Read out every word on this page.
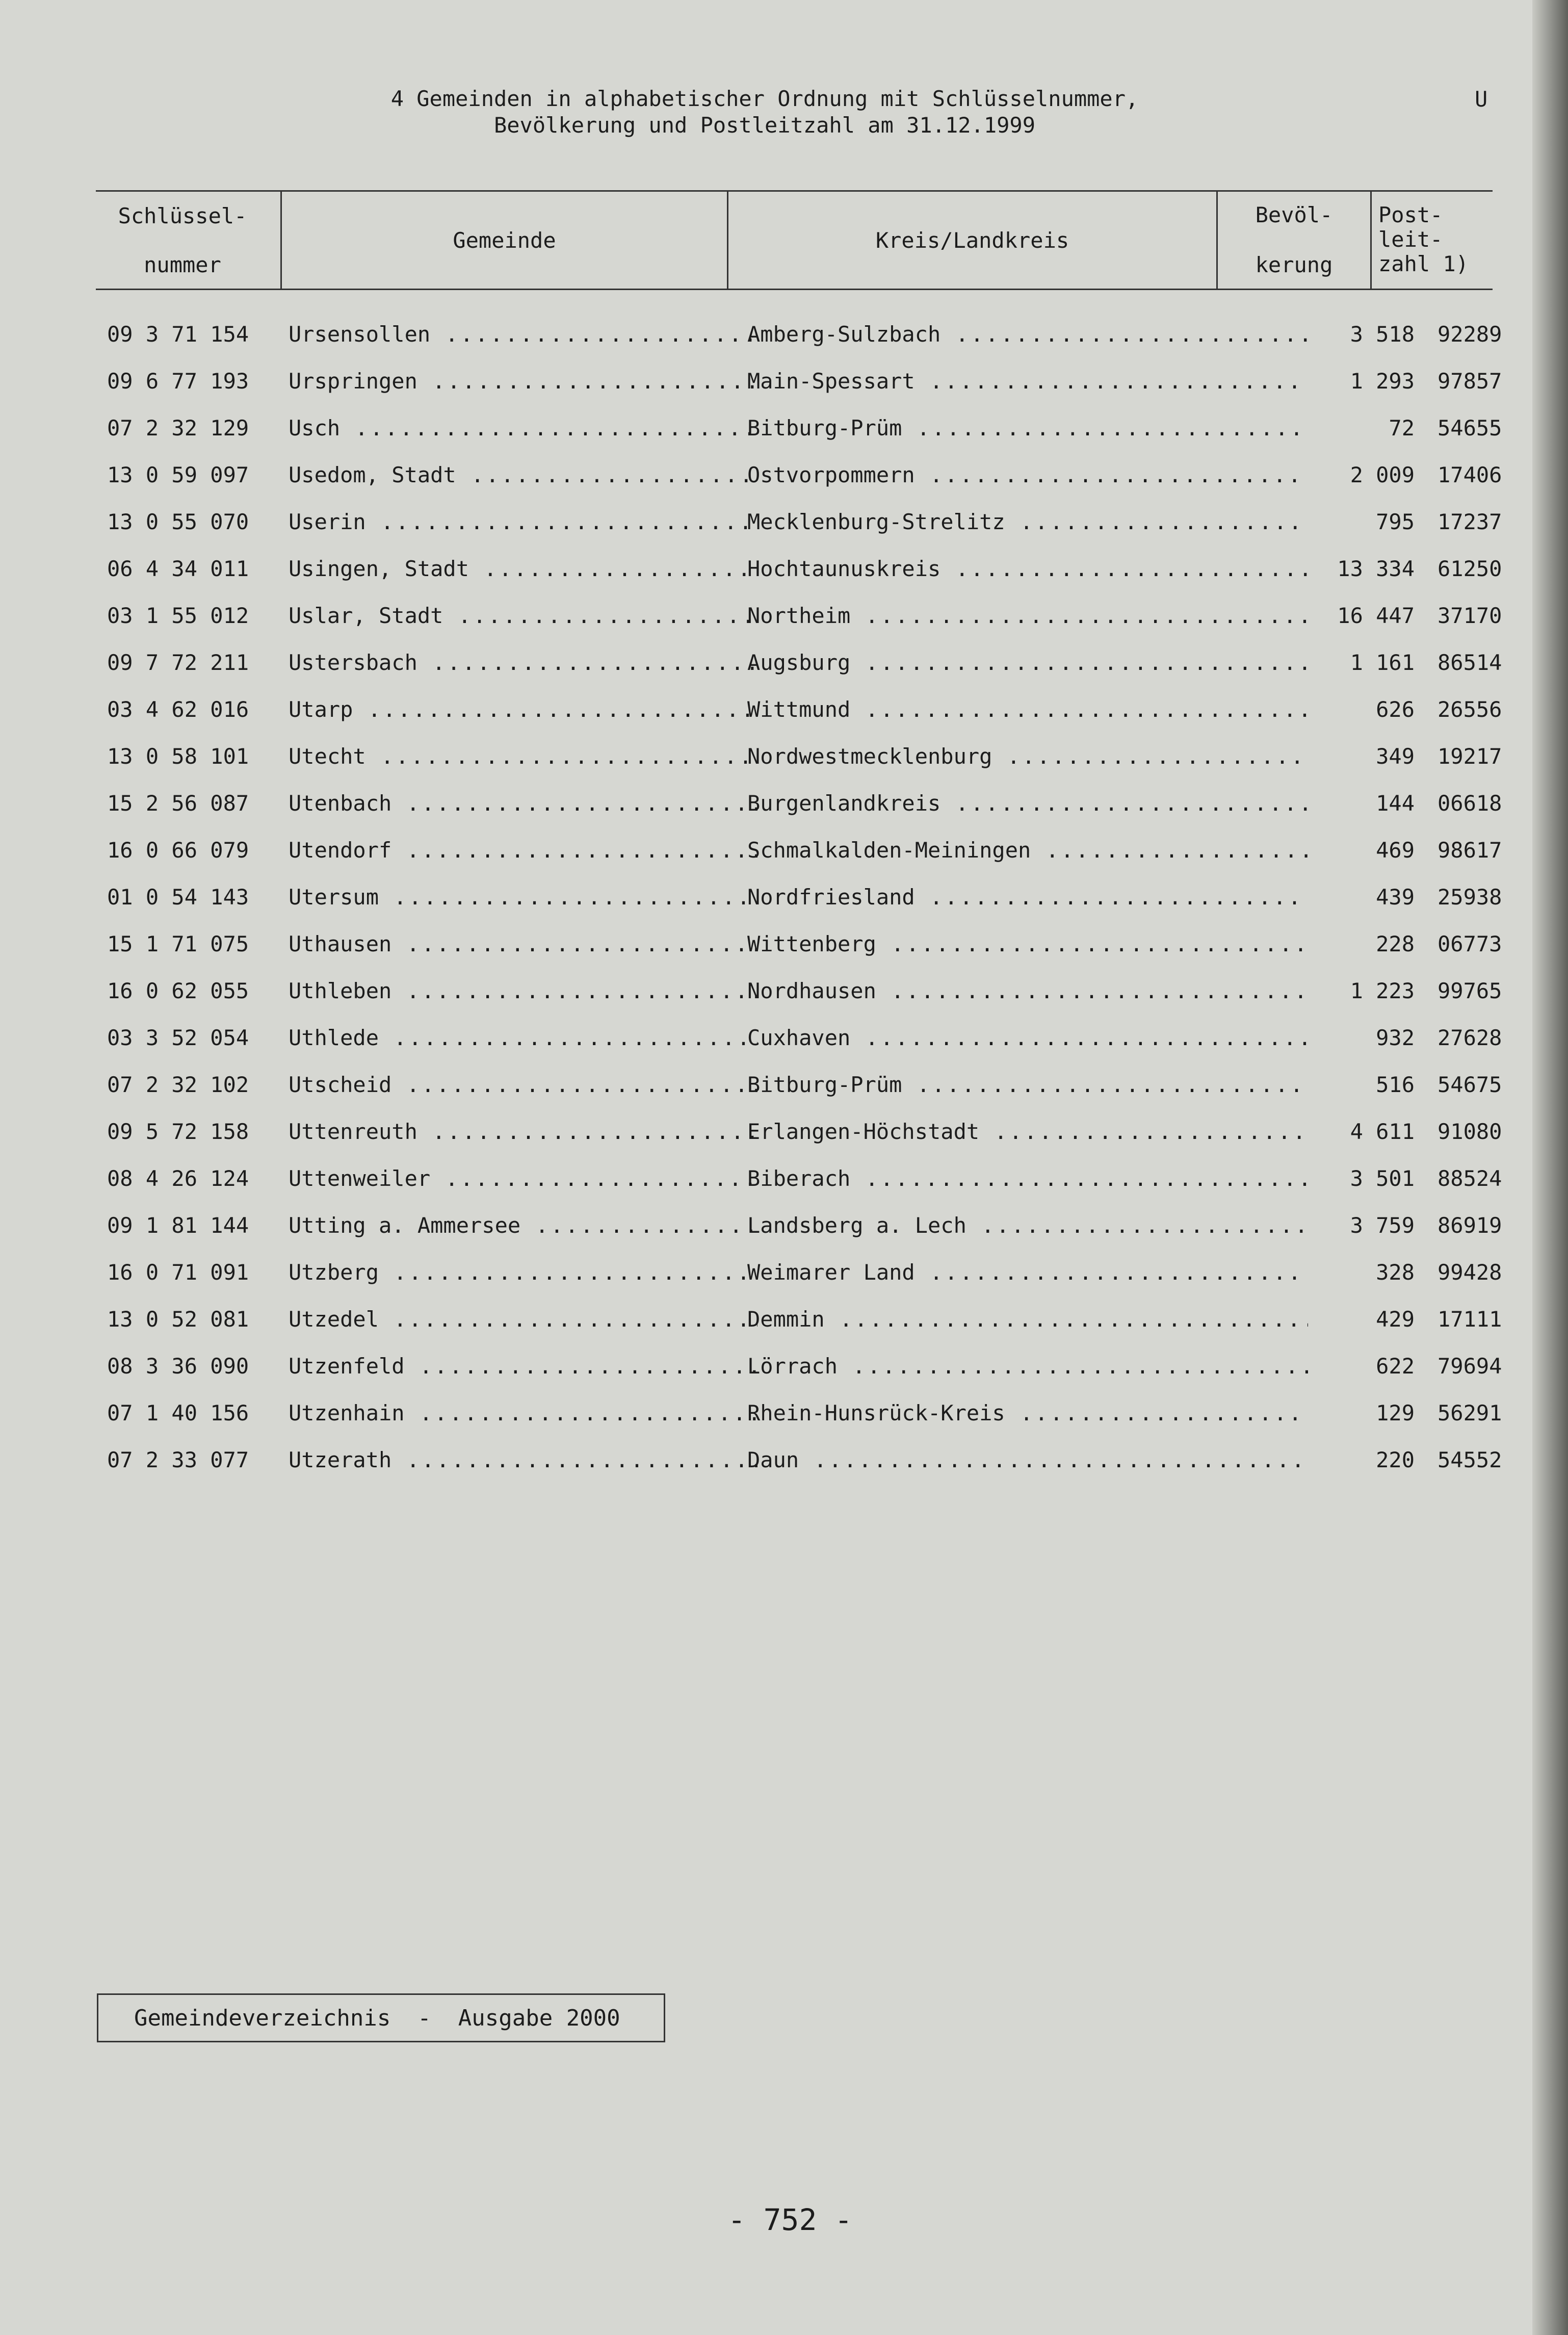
4 Gemeinden in alphabetischer Ordnung mit Schlüsselnummer,
Bevölkerung und Postleitzahl am 31.12.1999
U
Schlüssel-
nummer
Gemeinde	Kreis/Landkreis
Bevöl-
kerung
Post-
leit-
zahl 1)
09 3 71 154 Ursensollen .....	Amberg-Sulzbach .....	3 518 92289
09 6 77 193 Urspringen .....	Main-Spessart .....	1 293 97857
07 2 32 129 Usch .....	Bitburg-Prüm .....	72 54655
13 0 59 097 Usedom, Stadt .....	Ostvorpommern .....	2 009 17406
13 0 55 070 Userin .....	Mecklenburg-Strelitz .....	795 17237
06 4 34 011 Usingen, Stadt .....	Hochtaunuskreis .....	13 334 61250
03 1 55 012 Uslar, Stadt .....	Northeim .....	16 447 37170
09 7 72 211 Ustersbach .....	Augsburg .....	1 161 86514
03 4 62 016 Utarp .....	Wittmund .....	626 26556
13 0 58 101 Utecht .....	Nordwestmecklenburg .....	349 19217
15 2 56 087 Utenbach .....	Burgenlandkreis .....	144 06618
16 0 66 079 Utendorf .....	Schmalkalden-Meiningen .....	469 98617
01 0 54 143 Utersum .....	Nordfriesland .....	439 25938
15 1 71 075 Uthausen .....	Wittenberg .....	228 06773
16 0 62 055 Uthleben .....	Nordhausen .....	1 223 99765
03 3 52 054 Uthlede .....	Cuxhaven .....	932 27628
07 2 32 102 Utscheid .....	Bitburg-Prüm .....	516 54675
09 5 72 158 Uttenreuth .....	Erlangen-Höchstadt .....	4 611 91080
08 4 26 124 Uttenweiler .....	Biberach .....	3 501 88524
09 1 81 144 Utting a. Ammersee .....	Landsberg a. Lech .....	3 759 86919
16 0 71 091 Utzberg .....	Weimarer Land .....	328 99428
13 0 52 081 Utzedel .....	Demmin .....	429 17111
08 3 36 090 Utzenfeld .....	Lörrach .....	622 79694
07 1 40 156 Utzenhain .....	Rhein-Hunsrück-Kreis .....	129 56291
07 2 33 077 Utzerath .....	Daun .....	220 54552
Gemeindeverzeichnis  -  Ausgabe 2000
- 752 -
